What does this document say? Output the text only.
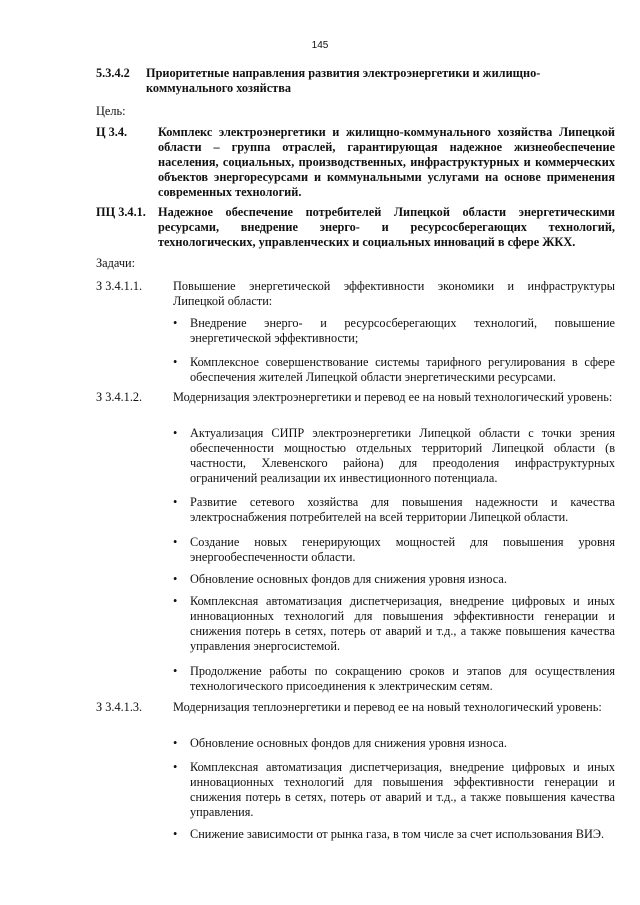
145
5.3.4.2 Приоритетные направления развития электроэнергетики и жилищно-коммунального хозяйства
Цель:
Ц 3.4.	Комплекс электроэнергетики и жилищно-коммунального хозяйства Липецкой области – группа отраслей, гарантирующая надежное жизнеобеспечение населения, социальных, производственных, инфраструктурных и коммерческих объектов энергоресурсами и коммунальными услугами на основе применения современных технологий.
ПЦ 3.4.1. Надежное обеспечение потребителей Липецкой области энергетическими ресурсами, внедрение энерго- и ресурсосберегающих технологий, технологических, управленческих и социальных инноваций в сфере ЖКХ.
Задачи:
З 3.4.1.1.	Повышение энергетической эффективности экономики и инфраструктуры Липецкой области:
• Внедрение энерго- и ресурсосберегающих технологий, повышение энергетической эффективности;
• Комплексное совершенствование системы тарифного регулирования в сфере обеспечения жителей Липецкой области энергетическими ресурсами.
З 3.4.1.2.	Модернизация электроэнергетики и перевод ее на новый технологический уровень:
• Актуализация СИПР электроэнергетики Липецкой области с точки зрения обеспеченности мощностью отдельных территорий Липецкой области (в частности, Хлевенского района) для преодоления инфраструктурных ограничений реализации их инвестиционного потенциала.
• Развитие сетевого хозяйства для повышения надежности и качества электроснабжения потребителей на всей территории Липецкой области.
• Создание новых генерирующих мощностей для повышения уровня энергообеспеченности области.
• Обновление основных фондов для снижения уровня износа.
• Комплексная автоматизация диспетчеризация, внедрение цифровых и иных инновационных технологий для повышения эффективности генерации и снижения потерь в сетях, потерь от аварий и т.д., а также повышения качества управления энергосистемой.
• Продолжение работы по сокращению сроков и этапов для осуществления технологического присоединения к электрическим сетям.
З 3.4.1.3.	Модернизация теплоэнергетики и перевод ее на новый технологический уровень:
• Обновление основных фондов для снижения уровня износа.
• Комплексная автоматизация диспетчеризация, внедрение цифровых и иных инновационных технологий для повышения эффективности генерации и снижения потерь в сетях, потерь от аварий и т.д., а также повышения качества управления.
• Снижение зависимости от рынка газа, в том числе за счет использования ВИЭ.
